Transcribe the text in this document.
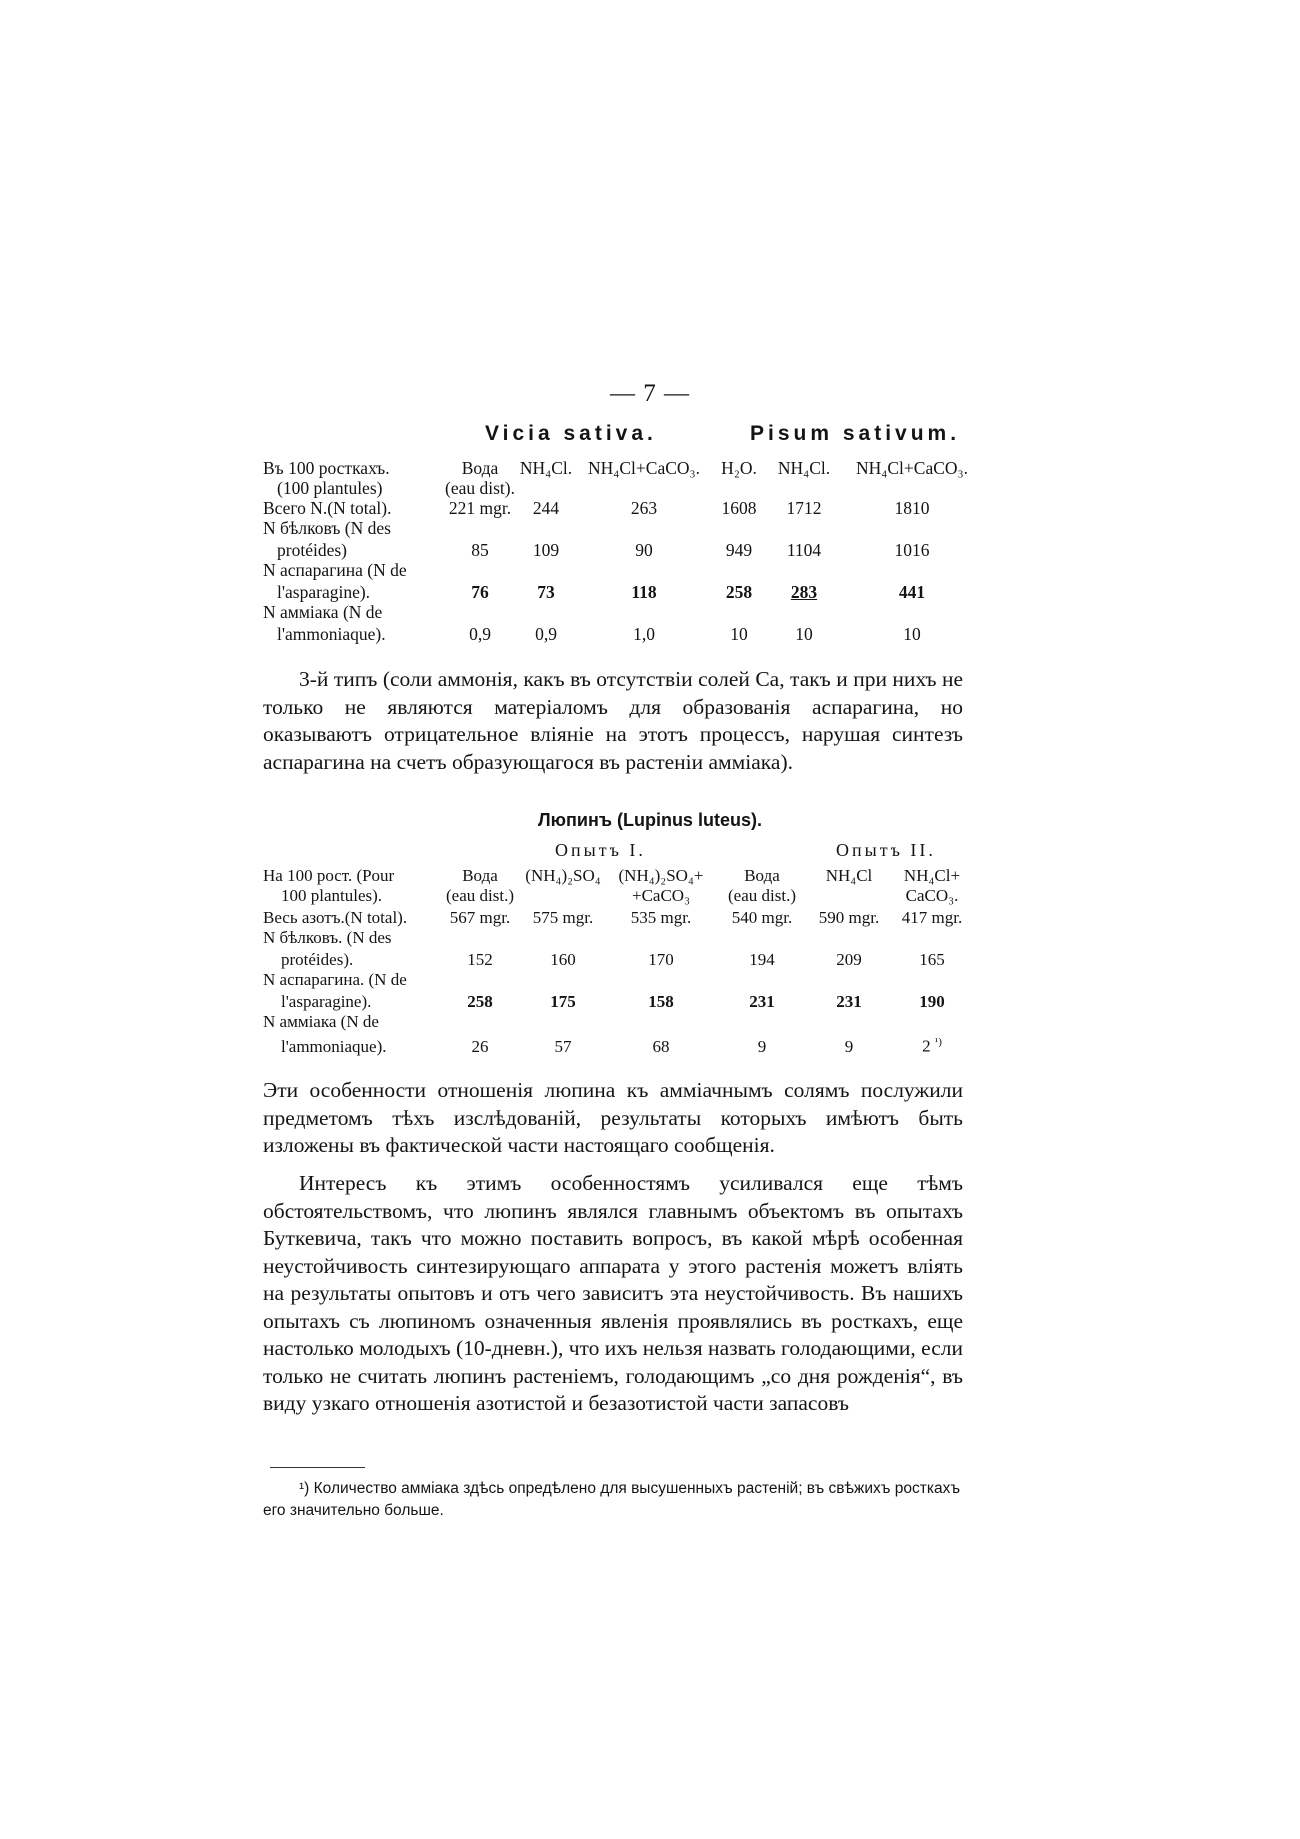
— 7 —
Vicia sativa.	Pisum sativum.
Въ 100 росткахъ.	Вода	NH₄Cl.	NH₄Cl+CaCO₃.	H₂O.	NH₄Cl.	NH₄Cl+CaCO₃.
(100 plantules)	(eau dist).					
Всего N.(N total).	221 mgr.	244	263	1608	1712	1810
N бѣлковъ (N des						
protéides)	85	109	90	949	1104	1016
N аспарагина (N de						
l'asparagine).	76	73	118	258	283	441
N амміака (N de						
l'ammoniaque).	0,9	0,9	1,0	10	10	10

3-й типъ (соли аммонія, какъ въ отсутствіи солей Ca, такъ и при нихъ не только не являются матеріаломъ для образованія аспарагина, но оказываютъ отрицательное вліяніе на этотъ процессъ, нарушая синтезъ аспарагина на счетъ образующагося въ растеніи амміака).

Люпинъ (Lupinus luteus).
Опытъ I.	Опытъ II.
На 100 рост. (Pour	Вода	(NH₄)₂SO₄	(NH₄)₂SO₄+	Вода	NH₄Cl	NH₄Cl+
100 plantules).	(eau dist.)		+CaCO₃	(eau dist.)		CaCO₃.
Весь азотъ.(N total).	567 mgr.	575 mgr.	535 mgr.	540 mgr.	590 mgr.	417 mgr.
N бѣлковъ. (N des						
protéides).	152	160	170	194	209	165
N аспарагина. (N de						
l'asparagine).	258	175	158	231	231	190
N амміака (N de						
l'ammoniaque).	26	57	68	9	9	2 $^{^1)}$

Эти особенности отношенія люпина къ амміачнымъ солямъ послужили предметомъ тѣхъ изслѣдованій, результаты которыхъ имѣютъ быть изложены въ фактической части настоящаго сообщенія.

Интересъ къ этимъ особенностямъ усиливался еще тѣмъ обстоятельствомъ, что люпинъ являлся главнымъ объектомъ въ опытахъ Буткевича, такъ что можно поставить вопросъ, въ какой мѣрѣ особенная неустойчивость синтезирующаго аппарата у этого растенія можетъ вліять на результаты опытовъ и отъ чего зависитъ эта неустойчивость. Въ нашихъ опытахъ съ люпиномъ означенныя явленія проявлялись въ росткахъ, еще настолько молодыхъ (10-дневн.), что ихъ нельзя назвать голодающими, если только не считать люпинъ растеніемъ, голодающимъ „со дня рожденія“, въ виду узкаго отношенія азотистой и безазотистой части запасовъ

¹) Количество амміака здѣсь опредѣлено для высушенныхъ растеній; въ свѣжихъ росткахъ его значительно больше.
